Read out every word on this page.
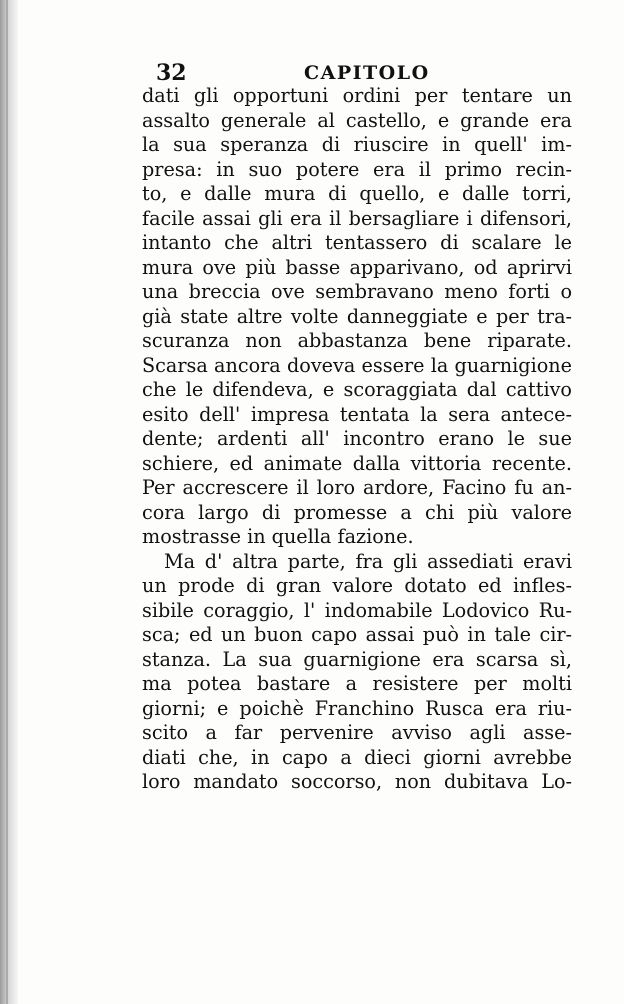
32	CAPITOLO
dati gli opportuni ordini per tentare un
assalto generale al castello, e grande era
la sua speranza di riuscire in quell' im-
presa: in suo potere era il primo recin-
to, e dalle mura di quello, e dalle torri,
facile assai gli era il bersagliare i difensori,
intanto che altri tentassero di scalare le
mura ove più basse apparivano, od aprirvi
una breccia ove sembravano meno forti o
già state altre volte danneggiate e per tra-
scuranza non abbastanza bene riparate.
Scarsa ancora doveva essere la guarnigione
che le difendeva, e scoraggiata dal cattivo
esito dell' impresa tentata la sera antece-
dente; ardenti all' incontro erano le sue
schiere, ed animate dalla vittoria recente.
Per accrescere il loro ardore, Facino fu an-
cora largo di promesse a chi più valore
mostrasse in quella fazione.
Ma d' altra parte, fra gli assediati eravi
un prode di gran valore dotato ed infles-
sibile coraggio, l' indomabile Lodovico Ru-
sca; ed un buon capo assai può in tale cir-
stanza. La sua guarnigione era scarsa sì,
ma potea bastare a resistere per molti
giorni; e poichè Franchino Rusca era riu-
scito a far pervenire avviso agli asse-
diati che, in capo a dieci giorni avrebbe
loro mandato soccorso, non dubitava Lo-
